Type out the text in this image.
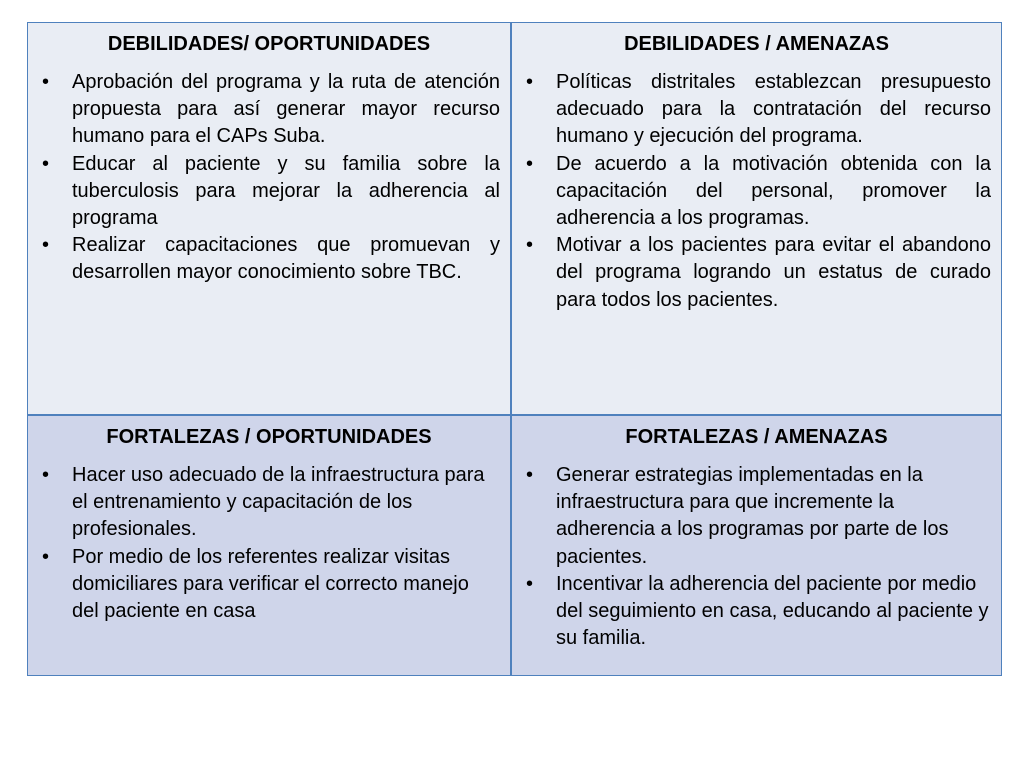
DEBILIDADES/ OPORTUNIDADES
• Aprobación del programa y la ruta de atención propuesta para así generar mayor recurso humano para el CAPs Suba.
• Educar al paciente y su familia sobre la tuberculosis para mejorar la adherencia al programa
• Realizar capacitaciones que promuevan y desarrollen mayor conocimiento sobre TBC.
DEBILIDADES / AMENAZAS
• Políticas distritales establezcan presupuesto adecuado para la contratación del recurso humano y ejecución del programa.
• De acuerdo a la motivación obtenida con la capacitación del personal, promover la adherencia a los programas.
• Motivar a los pacientes para evitar el abandono del programa logrando un estatus de curado para todos los pacientes.
FORTALEZAS / OPORTUNIDADES
• Hacer uso adecuado de la infraestructura para el entrenamiento y capacitación de los profesionales.
• Por medio de los referentes realizar visitas domiciliares para verificar el correcto manejo del paciente en casa
FORTALEZAS / AMENAZAS
• Generar estrategias implementadas en la infraestructura para que incremente la adherencia a los programas por parte de los pacientes.
• Incentivar la adherencia del paciente por medio del seguimiento en casa, educando al paciente y su familia.
